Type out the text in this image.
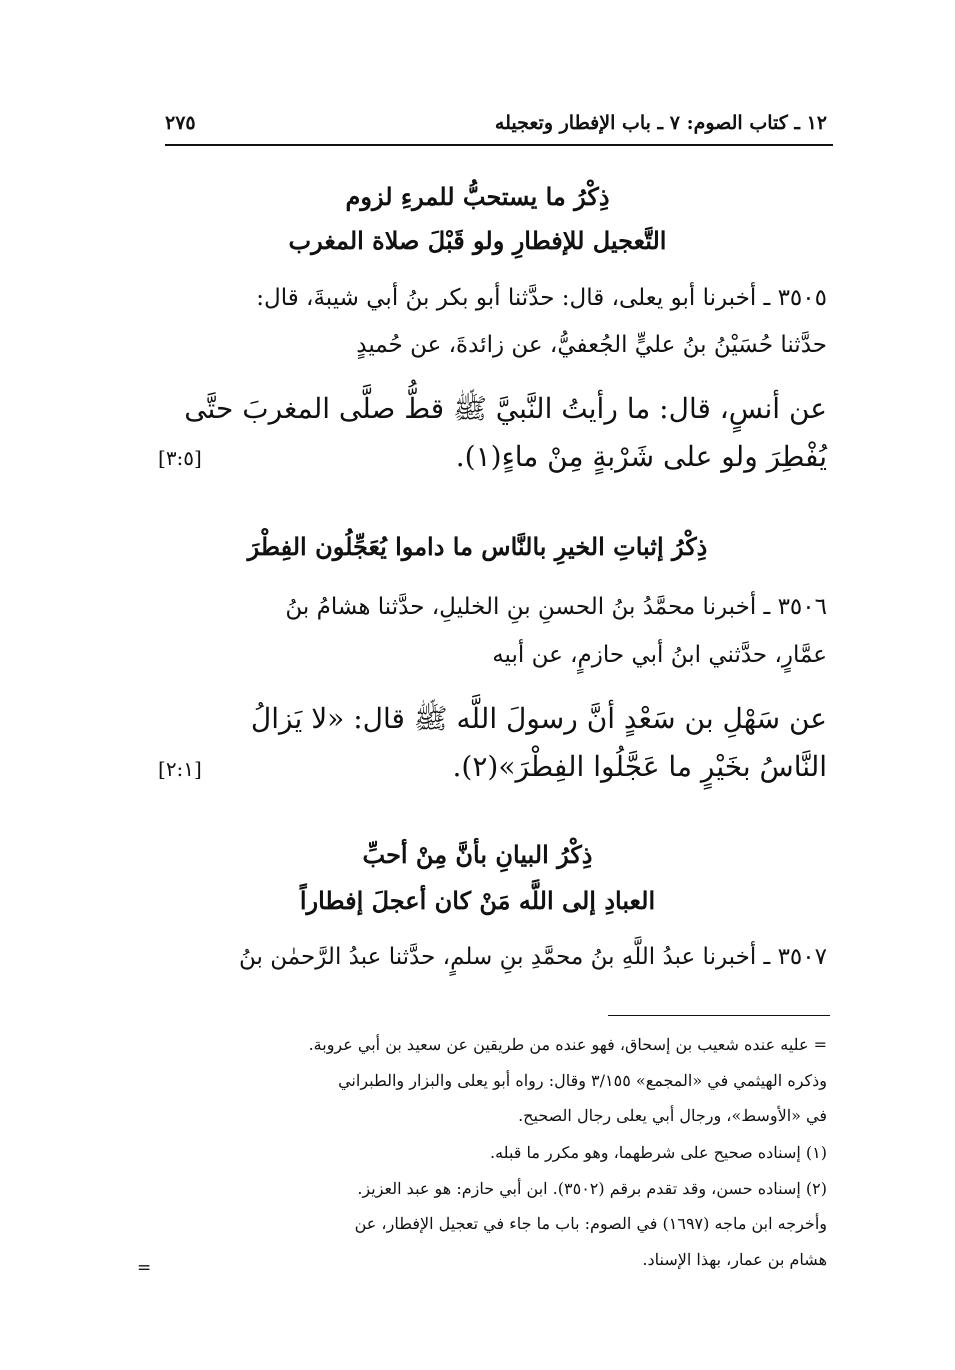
١٢ ـ كتاب الصوم: ٧ ـ باب الإفطار وتعجيله
٢٧٥
ذِكْرُ ما يستحبُّ للمرءِ لزوم
التَّعجيل للإفطارِ ولو قَبْلَ صلاة المغرب
٣٥٠٥ ـ أخبرنا أبو يعلى، قال: حدَّثنا أبو بكر بنُ أبي شيبةَ، قال:
حدَّثنا حُسَيْنُ بنُ عليٍّ الجُعفيُّ، عن زائدةَ، عن حُميدٍ
عن أنسٍ، قال: ما رأيتُ النَّبيَّ ﷺ قطُّ صلَّى المغربَ حتَّى
يُفْطِرَ ولو على شَرْبةٍ مِنْ ماءٍ(١).
[٣:٥]
ذِكْرُ إثباتِ الخيرِ بالنَّاس ما داموا يُعَجِّلُون الفِطْرَ
٣٥٠٦ ـ أخبرنا محمَّدُ بنُ الحسنِ بنِ الخليلِ، حدَّثنا هشامُ بنُ
عمَّارٍ، حدَّثني ابنُ أبي حازمٍ، عن أبيه
عن سَهْلِ بن سَعْدٍ أنَّ رسولَ اللَّه ﷺ قال: «لا يَزالُ
النَّاسُ بخَيْرٍ ما عَجَّلُوا الفِطْرَ»(٢).
[٢:١]
ذِكْرُ البيانِ بأنَّ مِنْ أحبِّ
العبادِ إلى اللَّه مَنْ كان أعجلَ إفطاراً
٣٥٠٧ ـ أخبرنا عبدُ اللَّهِ بنُ محمَّدِ بنِ سلمٍ، حدَّثنا عبدُ الرَّحمٰن بنُ
= عليه عنده شعيب بن إسحاق، فهو عنده من طريقين عن سعيد بن أبي عروبة.
وذكره الهيثمي في «المجمع» ٣/١٥٥ وقال: رواه أبو يعلى والبزار والطبراني
في «الأوسط»، ورجال أبي يعلى رجال الصحيح.
(١) إسناده صحيح على شرطهما، وهو مكرر ما قبله.
(٢) إسناده حسن، وقد تقدم برقم (٣٥٠٢). ابن أبي حازم: هو عبد العزيز.
وأخرجه ابن ماجه (١٦٩٧) في الصوم: باب ما جاء في تعجيل الإفطار، عن
هشام بن عمار، بهذا الإسناد.
=
